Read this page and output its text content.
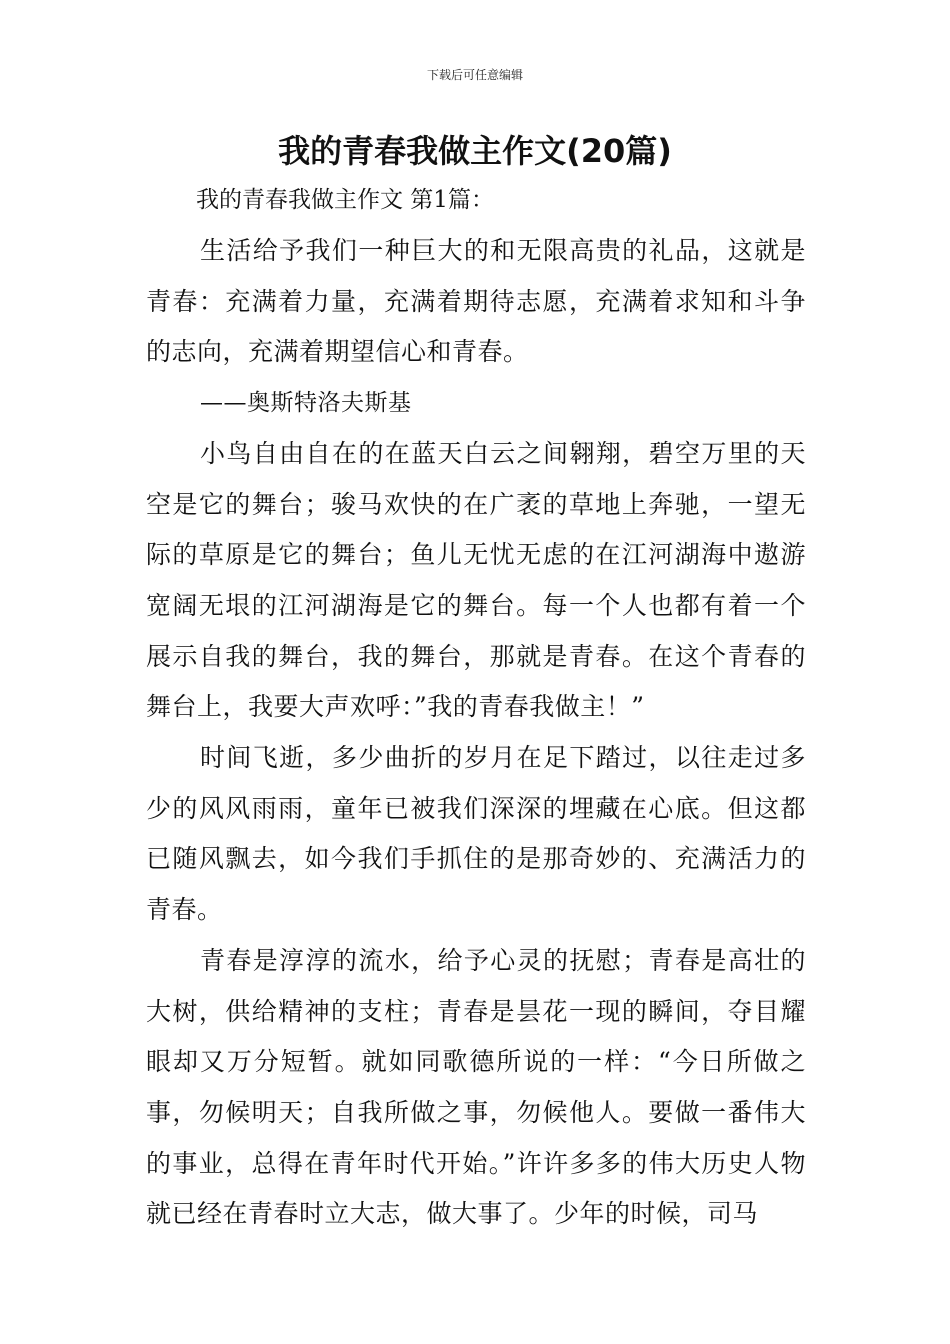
下载后可任意编辑
我的青春我做主作文(20篇)
我的青春我做主作文 第1篇：

生活给予我们一种巨大的和无限高贵的礼品，这就是青春：充满着力量，充满着期待志愿，充满着求知和斗争的志向，充满着期望信心和青春。

——奥斯特洛夫斯基

小鸟自由自在的在蓝天白云之间翱翔，碧空万里的天空是它的舞台；骏马欢快的在广袤的草地上奔驰，一望无际的草原是它的舞台；鱼儿无忧无虑的在江河湖海中遨游宽阔无垠的江河湖海是它的舞台。每一个人也都有着一个展示自我的舞台，我的舞台，那就是青春。在这个青春的舞台上，我要大声欢呼：”我的青春我做主！”

时间飞逝，多少曲折的岁月在足下踏过，以往走过多少的风风雨雨，童年已被我们深深的埋藏在心底。但这都已随风飘去，如今我们手抓住的是那奇妙的、充满活力的青春。

青春是淳淳的流水，给予心灵的抚慰；青春是高壮的大树，供给精神的支柱；青春是昙花一现的瞬间，夺目耀眼却又万分短暂。就如同歌德所说的一样：“今日所做之事，勿候明天；自我所做之事，勿候他人。要做一番伟大的事业，总得在青年时代开始。”许许多多的伟大历史人物就已经在青春时立大志，做大事了。少年的时候，司马
